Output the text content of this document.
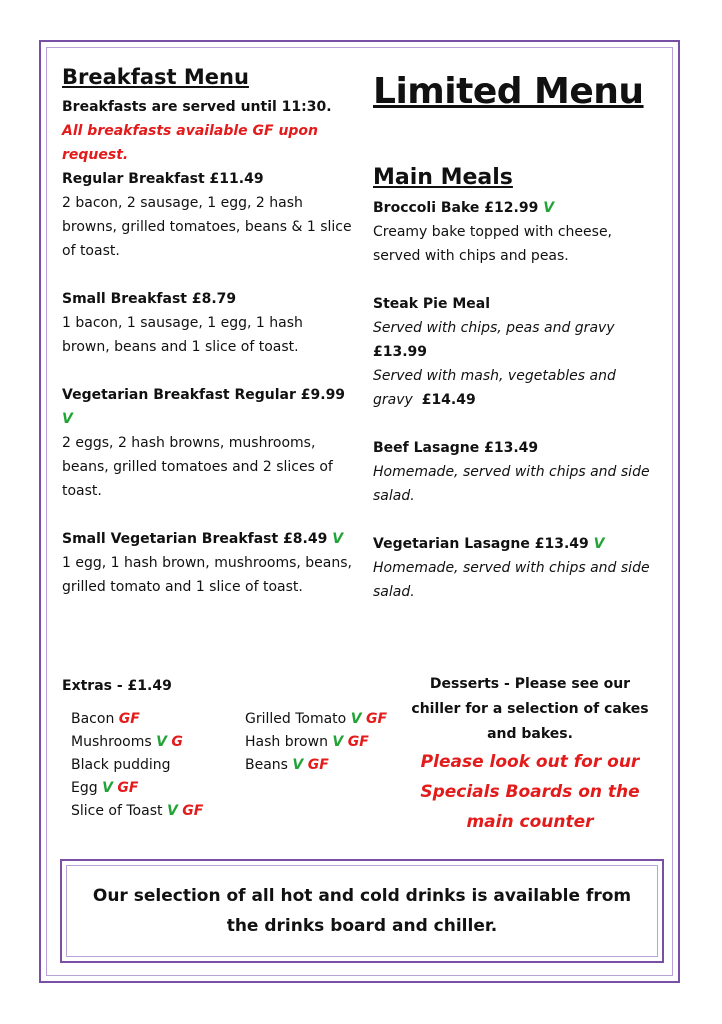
Breakfast Menu
Breakfasts are served until 11:30.
All breakfasts available GF upon request.

Regular Breakfast £11.49

2 bacon, 2 sausage, 1 egg, 2 hash browns, grilled tomatoes, beans & 1 slice of toast.

Small Breakfast £8.79

1 bacon, 1 sausage, 1 egg, 1 hash brown, beans and 1 slice of toast.

Vegetarian Breakfast Regular £9.99 V

2 eggs, 2 hash browns, mushrooms, beans, grilled tomatoes and 2 slices of toast.

Small Vegetarian Breakfast £8.49 V

1 egg, 1 hash brown, mushrooms, beans, grilled tomato and 1 slice of toast.

Extras - £1.49
Bacon GF
Mushrooms V G
Black pudding
Egg V GF
Slice of Toast V GF
Grilled Tomato V GF
Hash brown V GF
Beans V GF
Limited Menu
Main Meals

Broccoli Bake £12.99 V

Creamy bake topped with cheese, served with chips and peas.

Steak Pie Meal

Served with chips, peas and gravy

£13.99

Served with mash, vegetables and gravy £14.49

Beef Lasagne £13.49

Homemade, served with chips and side salad.

Vegetarian Lasagne £13.49 V

Homemade, served with chips and side salad.

Desserts - Please see our chiller for a selection of cakes and bakes.
Please look out for our Specials Boards on the main counter
Our selection of all hot and cold drinks is available from the drinks board and chiller.
